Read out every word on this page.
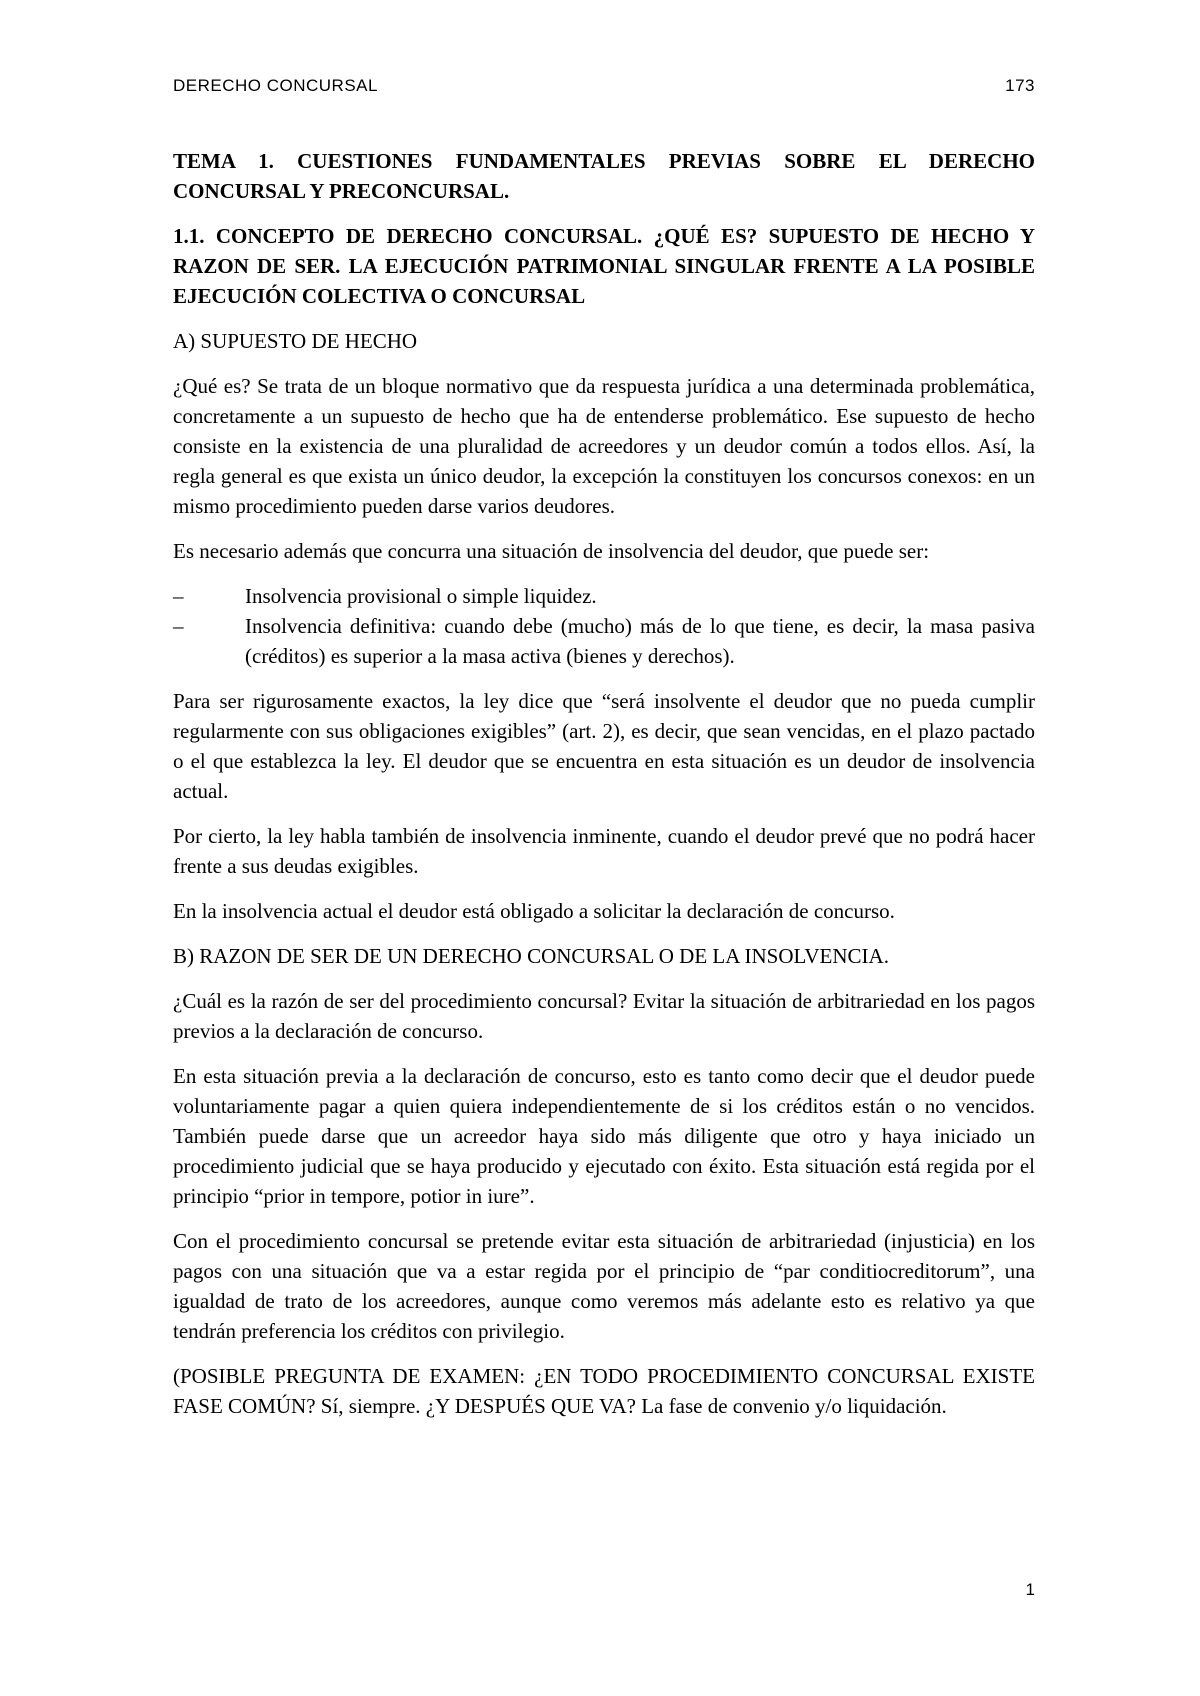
DERECHO CONCURSAL	173
TEMA 1. CUESTIONES FUNDAMENTALES PREVIAS SOBRE EL DERECHO CONCURSAL Y PRECONCURSAL.
1.1. CONCEPTO DE DERECHO CONCURSAL. ¿QUÉ ES? SUPUESTO DE HECHO Y RAZON DE SER. LA EJECUCIÓN PATRIMONIAL SINGULAR FRENTE A LA POSIBLE EJECUCIÓN COLECTIVA O CONCURSAL
A) SUPUESTO DE HECHO

¿Qué es? Se trata de un bloque normativo que da respuesta jurídica a una determinada problemática, concretamente a un supuesto de hecho que ha de entenderse problemático. Ese supuesto de hecho consiste en la existencia de una pluralidad de acreedores y un deudor común a todos ellos. Así, la regla general es que exista un único deudor, la excepción la constituyen los concursos conexos: en un mismo procedimiento pueden darse varios deudores.

Es necesario además que concurra una situación de insolvencia del deudor, que puede ser:

–	Insolvencia provisional o simple liquidez.
–	Insolvencia definitiva: cuando debe (mucho) más de lo que tiene, es decir, la masa pasiva (créditos) es superior a la masa activa (bienes y derechos).

Para ser rigurosamente exactos, la ley dice que “será insolvente el deudor que no pueda cumplir regularmente con sus obligaciones exigibles” (art. 2), es decir, que sean vencidas, en el plazo pactado o el que establezca la ley. El deudor que se encuentra en esta situación es un deudor de insolvencia actual.

Por cierto, la ley habla también de insolvencia inminente, cuando el deudor prevé que no podrá hacer frente a sus deudas exigibles.

En la insolvencia actual el deudor está obligado a solicitar la declaración de concurso.

B) RAZON DE SER DE UN DERECHO CONCURSAL O DE LA INSOLVENCIA.

¿Cuál es la razón de ser del procedimiento concursal? Evitar la situación de arbitrariedad en los pagos previos a la declaración de concurso.

En esta situación previa a la declaración de concurso, esto es tanto como decir que el deudor puede voluntariamente pagar a quien quiera independientemente de si los créditos están o no vencidos. También puede darse que un acreedor haya sido más diligente que otro y haya iniciado un procedimiento judicial que se haya producido y ejecutado con éxito. Esta situación está regida por el principio “prior in tempore, potior in iure”.

Con el procedimiento concursal se pretende evitar esta situación de arbitrariedad (injusticia) en los pagos con una situación que va a estar regida por el principio de “par conditiocreditorum”, una igualdad de trato de los acreedores, aunque como veremos más adelante esto es relativo ya que tendrán preferencia los créditos con privilegio.

(POSIBLE PREGUNTA DE EXAMEN: ¿EN TODO PROCEDIMIENTO CONCURSAL EXISTE FASE COMÚN? Sí, siempre. ¿Y DESPUÉS QUE VA? La fase de convenio y/o liquidación.

1
